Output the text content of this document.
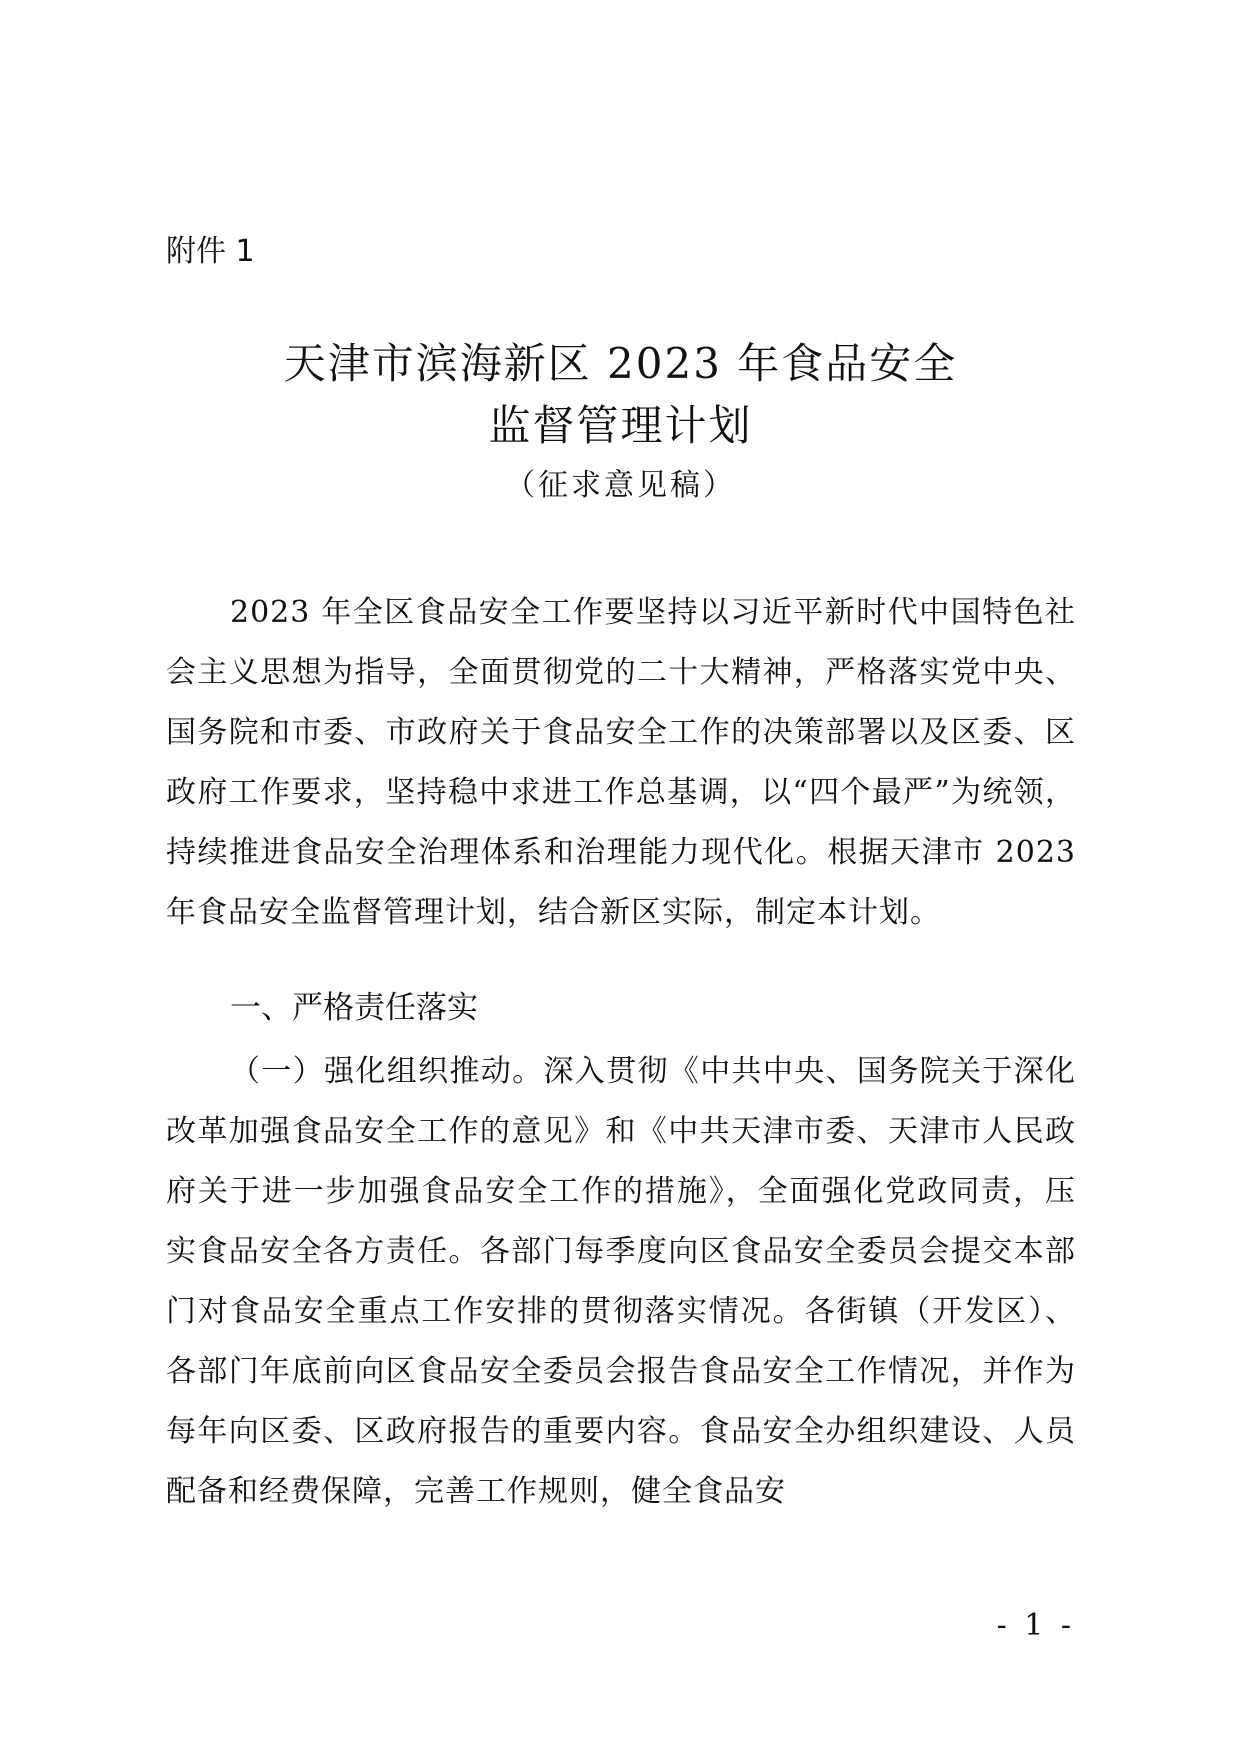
附件 1
天津市滨海新区 2023 年食品安全
监督管理计划
（征求意见稿）

2023 年全区食品安全工作要坚持以习近平新时代中国特色社会主义思想为指导，全面贯彻党的二十大精神，严格落实党中央、国务院和市委、市政府关于食品安全工作的决策部署以及区委、区政府工作要求，坚持稳中求进工作总基调，以“四个最严”为统领，持续推进食品安全治理体系和治理能力现代化。根据天津市 2023 年食品安全监督管理计划，结合新区实际，制定本计划。

一、严格责任落实

（一）强化组织推动。深入贯彻《中共中央、国务院关于深化改革加强食品安全工作的意见》和《中共天津市委、天津市人民政府关于进一步加强食品安全工作的措施》，全面强化党政同责，压实食品安全各方责任。各部门每季度向区食品安全委员会提交本部门对食品安全重点工作安排的贯彻落实情况。各街镇（开发区）、各部门年底前向区食品安全委员会报告食品安全工作情况，并作为每年向区委、区政府报告的重要内容。食品安全办组织建设、人员配备和经费保障，完善工作规则，健全食品安

- 1 -
